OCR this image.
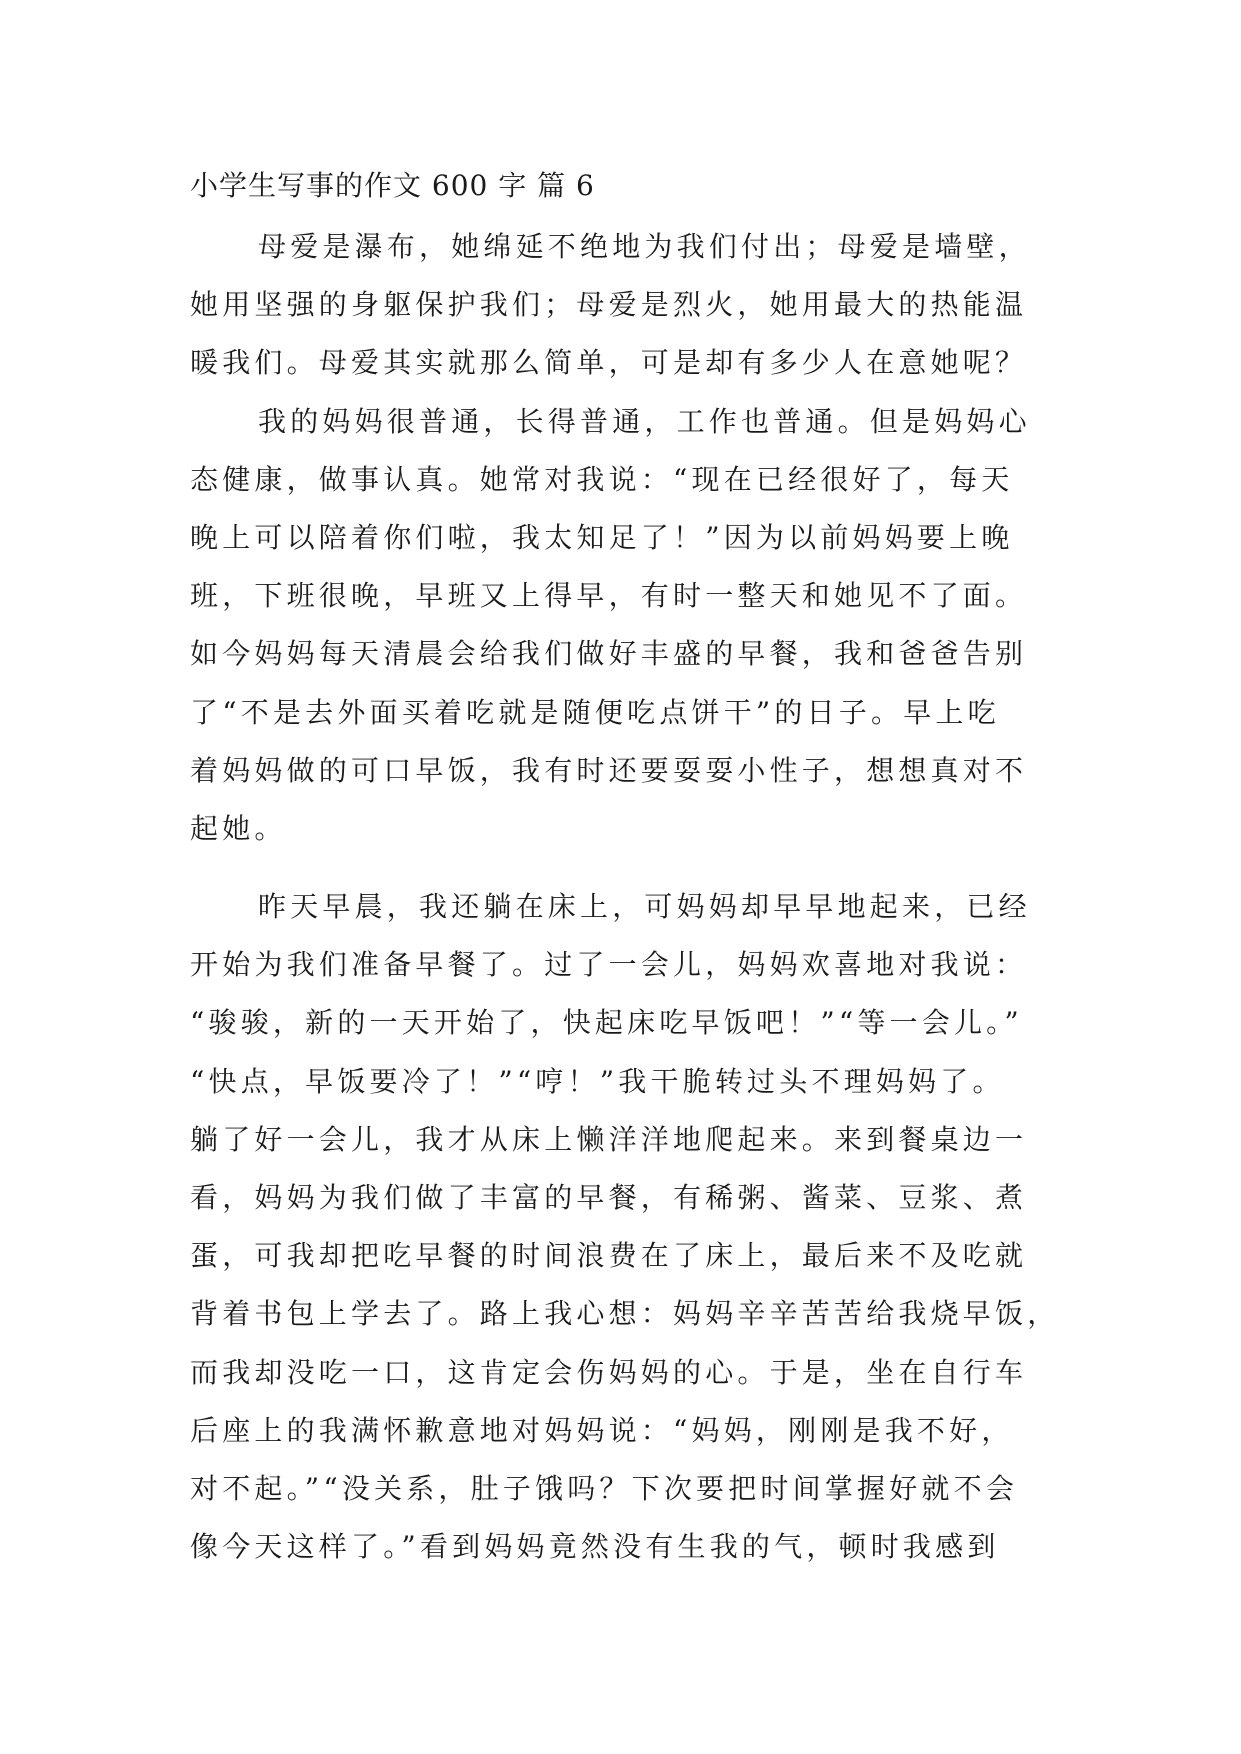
小学生写事的作文 600 字 篇 6
母爱是瀑布，她绵延不绝地为我们付出；母爱是墙壁，
她用坚强的身躯保护我们；母爱是烈火，她用最大的热能温
暖我们。母爱其实就那么简单，可是却有多少人在意她呢？
我的妈妈很普通，长得普通，工作也普通。但是妈妈心
态健康，做事认真。她常对我说：“现在已经很好了，每天
晚上可以陪着你们啦，我太知足了！”因为以前妈妈要上晚
班，下班很晚，早班又上得早，有时一整天和她见不了面。
如今妈妈每天清晨会给我们做好丰盛的早餐，我和爸爸告别
了“不是去外面买着吃就是随便吃点饼干”的日子。早上吃
着妈妈做的可口早饭，我有时还要耍耍小性子，想想真对不
起她。
昨天早晨，我还躺在床上，可妈妈却早早地起来，已经
开始为我们准备早餐了。过了一会儿，妈妈欢喜地对我说：
“骏骏，新的一天开始了，快起床吃早饭吧！”“等一会儿。”
“快点，早饭要冷了！”“哼！”我干脆转过头不理妈妈了。
躺了好一会儿，我才从床上懒洋洋地爬起来。来到餐桌边一
看，妈妈为我们做了丰富的早餐，有稀粥、酱菜、豆浆、煮
蛋，可我却把吃早餐的时间浪费在了床上，最后来不及吃就
背着书包上学去了。路上我心想：妈妈辛辛苦苦给我烧早饭，
而我却没吃一口，这肯定会伤妈妈的心。于是，坐在自行车
后座上的我满怀歉意地对妈妈说：“妈妈，刚刚是我不好，
对不起。”“没关系，肚子饿吗？下次要把时间掌握好就不会
像今天这样了。”看到妈妈竟然没有生我的气，顿时我感到
